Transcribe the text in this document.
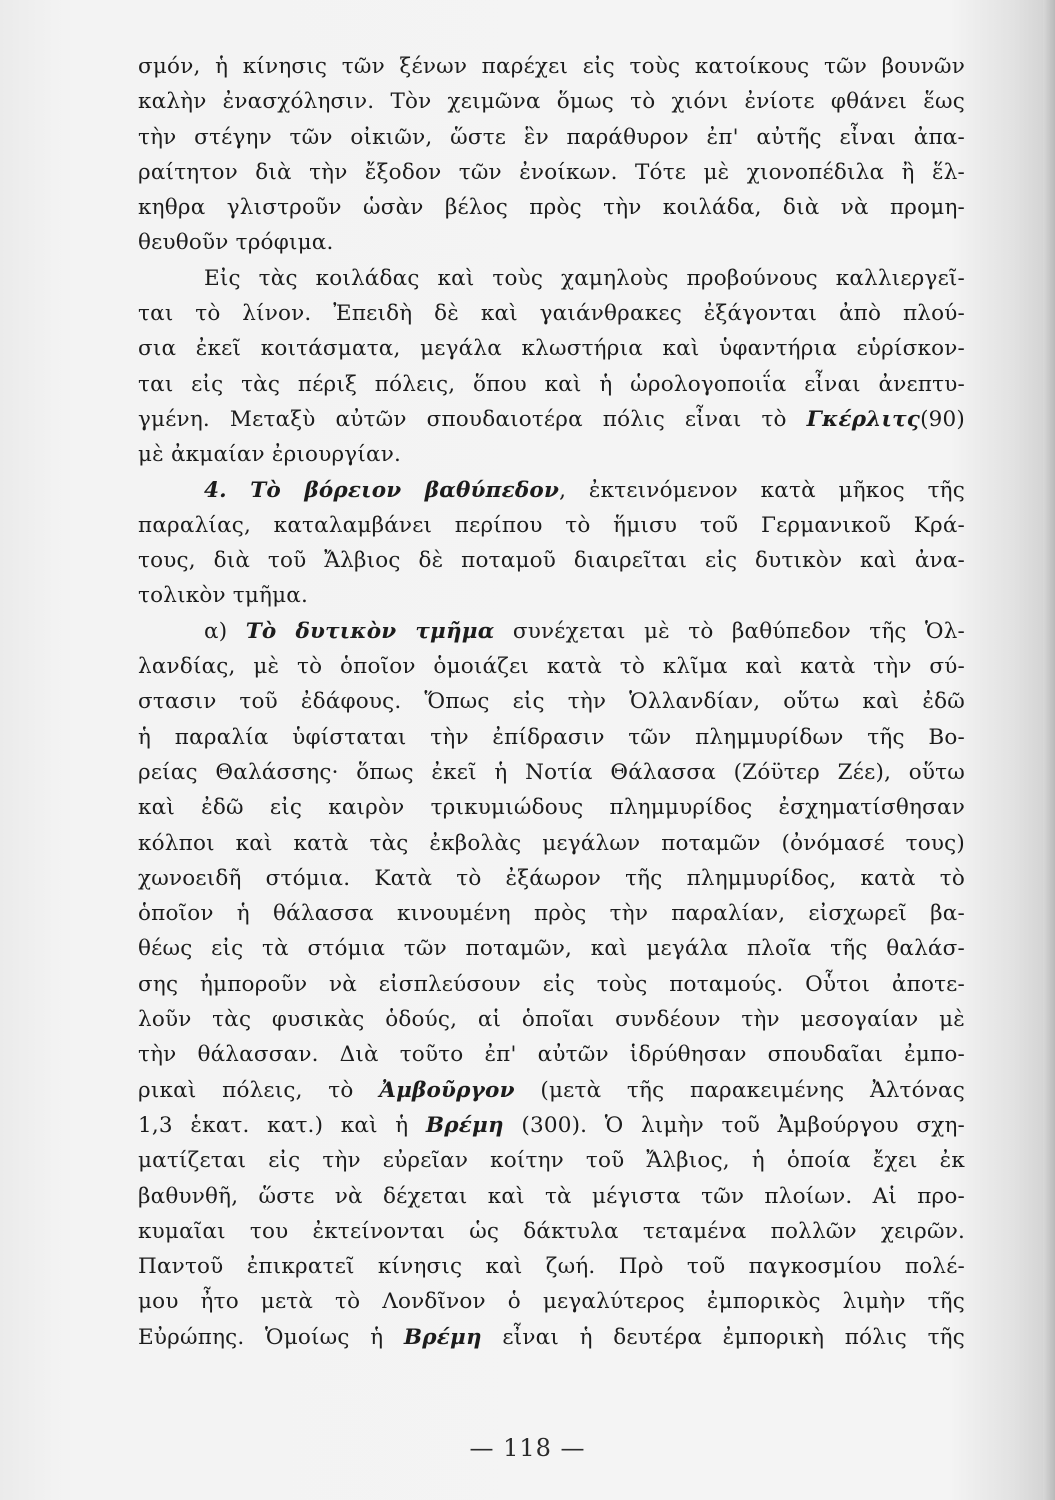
σμόν, ἡ κίνησις τῶν ξένων παρέχει εἰς τοὺς κατοίκους τῶν βουνῶν
καλὴν ἐνασχόλησιν. Τὸν χειμῶνα ὅμως τὸ χιόνι ἐνίοτε φθάνει ἕως
τὴν στέγην τῶν οἰκιῶν, ὥστε ἓν παράθυρον ἐπ' αὐτῆς εἶναι ἀπα-
ραίτητον διὰ τὴν ἔξοδον τῶν ἐνοίκων. Τότε μὲ χιονοπέδιλα ἢ ἕλ-
κηθρα γλιστροῦν ὡσὰν βέλος πρὸς τὴν κοιλάδα, διὰ νὰ προμη-
θευθοῦν τρόφιμα.
Εἰς τὰς κοιλάδας καὶ τοὺς χαμηλοὺς προβούνους καλλιεργεῖ-
ται τὸ λίνον. Ἐπειδὴ δὲ καὶ γαιάνθρακες ἐξάγονται ἀπὸ πλού-
σια ἐκεῖ κοιτάσματα, μεγάλα κλωστήρια καὶ ὑφαντήρια εὑρίσκον-
ται εἰς τὰς πέριξ πόλεις, ὅπου καὶ ἡ ὡρολογοποιΐα εἶναι ἀνεπτυ-
γμένη. Μεταξὺ αὐτῶν σπουδαιοτέρα πόλις εἶναι τὸ Γκέρλιτς(90)
μὲ ἀκμαίαν ἐριουργίαν.
4. Τὸ βόρειον βαθύπεδον, ἐκτεινόμενον κατὰ μῆκος τῆς
παραλίας, καταλαμβάνει περίπου τὸ ἥμισυ τοῦ Γερμανικοῦ Κρά-
τους, διὰ τοῦ Ἄλβιος δὲ ποταμοῦ διαιρεῖται εἰς δυτικὸν καὶ ἀνα-
τολικὸν τμῆμα.
α) Τὸ δυτικὸν τμῆμα συνέχεται μὲ τὸ βαθύπεδον τῆς Ὁλ-
λανδίας, μὲ τὸ ὁποῖον ὁμοιάζει κατὰ τὸ κλῖμα καὶ κατὰ τὴν σύ-
στασιν τοῦ ἐδάφους. Ὅπως εἰς τὴν Ὁλλανδίαν, οὕτω καὶ ἐδῶ
ἡ παραλία ὑφίσταται τὴν ἐπίδρασιν τῶν πλημμυρίδων τῆς Βο-
ρείας Θαλάσσης· ὅπως ἐκεῖ ἡ Νοτία Θάλασσα (Ζόϋτερ Ζέε), οὕτω
καὶ ἐδῶ εἰς καιρὸν τρικυμιώδους πλημμυρίδος ἐσχηματίσθησαν
κόλποι καὶ κατὰ τὰς ἐκβολὰς μεγάλων ποταμῶν (ὀνόμασέ τους)
χωνοειδῆ στόμια. Κατὰ τὸ ἐξάωρον τῆς πλημμυρίδος, κατὰ τὸ
ὁποῖον ἡ θάλασσα κινουμένη πρὸς τὴν παραλίαν, εἰσχωρεῖ βα-
θέως εἰς τὰ στόμια τῶν ποταμῶν, καὶ μεγάλα πλοῖα τῆς θαλάσ-
σης ἠμποροῦν νὰ εἰσπλεύσουν εἰς τοὺς ποταμούς. Οὗτοι ἀποτε-
λοῦν τὰς φυσικὰς ὁδούς, αἱ ὁποῖαι συνδέουν τὴν μεσογαίαν μὲ
τὴν θάλασσαν. Διὰ τοῦτο ἐπ' αὐτῶν ἱδρύθησαν σπουδαῖαι ἐμπο-
ρικαὶ πόλεις, τὸ Ἀμβοῦργον (μετὰ τῆς παρακειμένης Ἀλτόνας
1,3 ἑκατ. κατ.) καὶ ἡ Βρέμη (300). Ὁ λιμὴν τοῦ Ἀμβούργου σχη-
ματίζεται εἰς τὴν εὐρεῖαν κοίτην τοῦ Ἄλβιος, ἡ ὁποία ἔχει ἐκ
βαθυνθῆ, ὥστε νὰ δέχεται καὶ τὰ μέγιστα τῶν πλοίων. Αἱ προ-
κυμαῖαι του ἐκτείνονται ὡς δάκτυλα τεταμένα πολλῶν χειρῶν.
Παντοῦ ἐπικρατεῖ κίνησις καὶ ζωή. Πρὸ τοῦ παγκοσμίου πολέ-
μου ἦτο μετὰ τὸ Λονδῖνον ὁ μεγαλύτερος ἐμπορικὸς λιμὴν τῆς
Εὐρώπης. Ὁμοίως ἡ Βρέμη εἶναι ἡ δευτέρα ἐμπορικὴ πόλις τῆς
— 118 —
